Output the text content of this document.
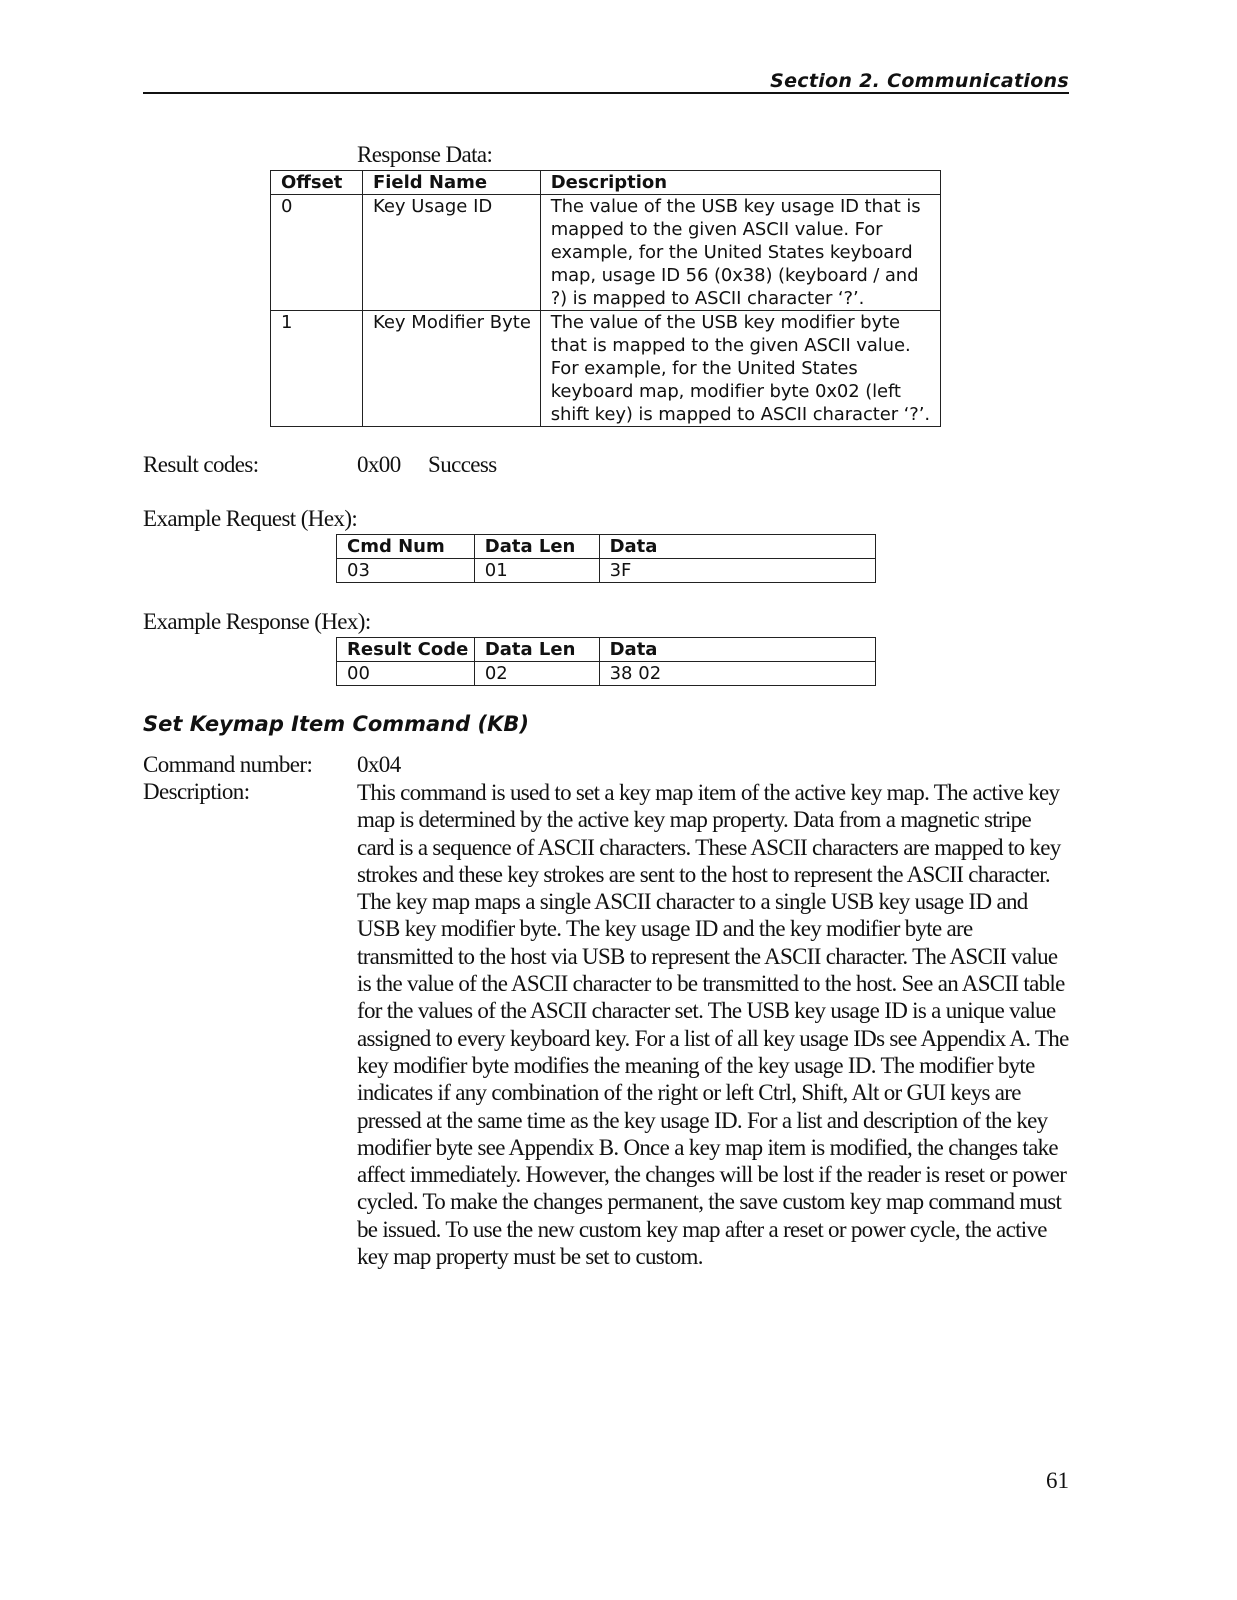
Section 2. Communications
Response Data:
Offset	Field Name	Description
0	Key Usage ID	The value of the USB key usage ID that is mapped to the given ASCII value. For example, for the United States keyboard map, usage ID 56 (0x38) (keyboard / and ?) is mapped to ASCII character ‘?’.
1	Key Modifier Byte	The value of the USB key modifier byte that is mapped to the given ASCII value. For example, for the United States keyboard map, modifier byte 0x02 (left shift key) is mapped to ASCII character ‘?’.
Result codes:	0x00 Success
Example Request (Hex):
Cmd Num	Data Len	Data
03	01	3F
Example Response (Hex):
Result Code	Data Len	Data
00	02	38 02
Set Keymap Item Command (KB)
Command number: 0x04
Description:	This command is used to set a key map item of the active key map. The active key map is determined by the active key map property. Data from a magnetic stripe card is a sequence of ASCII characters. These ASCII characters are mapped to key strokes and these key strokes are sent to the host to represent the ASCII character. The key map maps a single ASCII character to a single USB key usage ID and USB key modifier byte. The key usage ID and the key modifier byte are transmitted to the host via USB to represent the ASCII character. The ASCII value is the value of the ASCII character to be transmitted to the host. See an ASCII table for the values of the ASCII character set. The USB key usage ID is a unique value assigned to every keyboard key. For a list of all key usage IDs see Appendix A. The key modifier byte modifies the meaning of the key usage ID. The modifier byte indicates if any combination of the right or left Ctrl, Shift, Alt or GUI keys are pressed at the same time as the key usage ID. For a list and description of the key modifier byte see Appendix B. Once a key map item is modified, the changes take affect immediately. However, the changes will be lost if the reader is reset or power cycled. To make the changes permanent, the save custom key map command must be issued. To use the new custom key map after a reset or power cycle, the active key map property must be set to custom.
61
